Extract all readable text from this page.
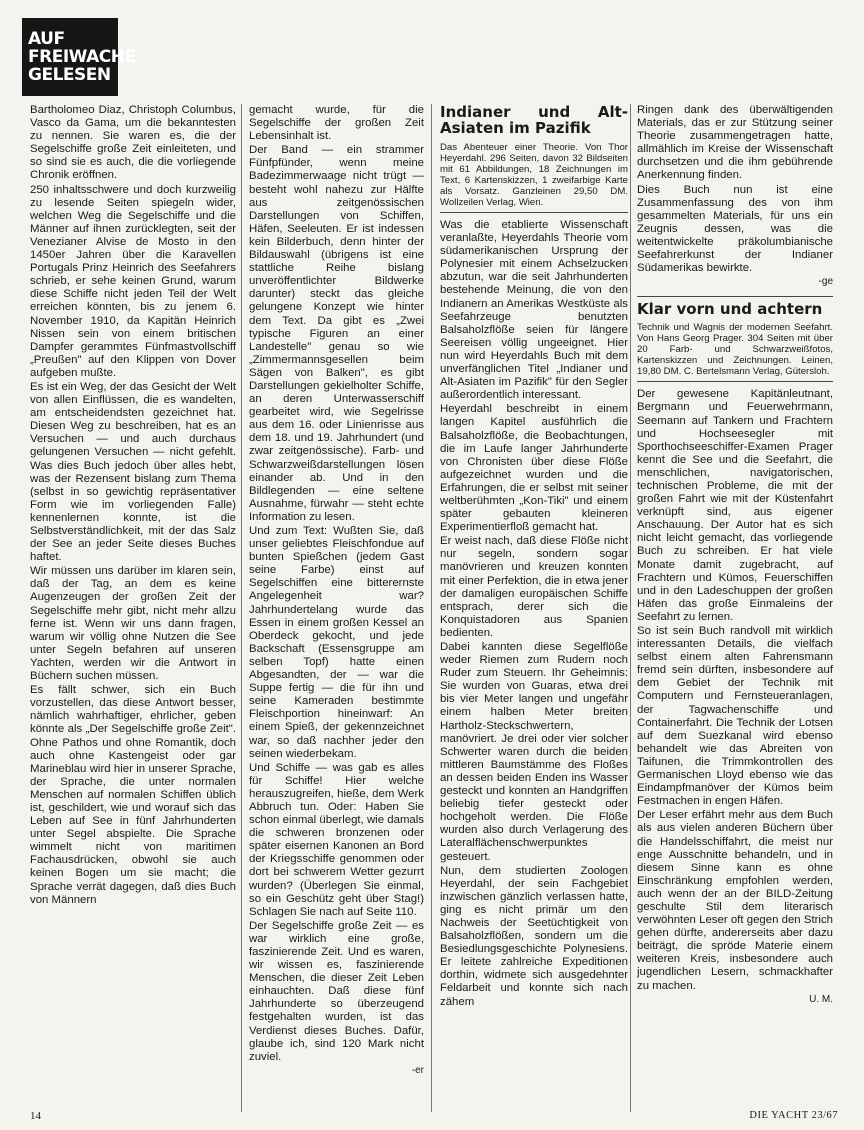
AUF
FREIWACHE
GELESEN

Bartholomeo Diaz, Christoph Columbus, Vasco da Gama, um die bekanntesten zu nennen. Sie waren es, die der Segelschiffe große Zeit einleiteten, und so sind sie es auch, die die vorliegende Chronik eröffnen.

250 inhaltsschwere und doch kurzweilig zu lesende Seiten spiegeln wider, welchen Weg die Segelschiffe und die Männer auf ihnen zurücklegten, seit der Venezianer Alvise de Mosto in den 1450er Jahren über die Karavellen Portugals Prinz Heinrich des Seefahrers schrieb, er sehe keinen Grund, warum diese Schiffe nicht jeden Teil der Welt erreichen könnten, bis zu jenem 6. November 1910, da Kapitän Heinrich Nissen sein von einem britischen Dampfer gerammtes Fünfmastvollschiff „Preußen" auf den Klippen von Dover aufgeben mußte.

Es ist ein Weg, der das Gesicht der Welt von allen Einflüssen, die es wandelten, am entscheidendsten gezeichnet hat. Diesen Weg zu beschreiben, hat es an Versuchen — und auch durchaus gelungenen Versuchen — nicht gefehlt. Was dies Buch jedoch über alles hebt, was der Rezensent bislang zum Thema (selbst in so gewichtig repräsentativer Form wie im vorliegenden Falle) kennenlernen konnte, ist die Selbstverständlichkeit, mit der das Salz der See an jeder Seite dieses Buches haftet.

Wir müssen uns darüber im klaren sein, daß der Tag, an dem es keine Augenzeugen der großen Zeit der Segelschiffe mehr gibt, nicht mehr allzu ferne ist. Wenn wir uns dann fragen, warum wir völlig ohne Nutzen die See unter Segeln befahren auf unseren Yachten, werden wir die Antwort in Büchern suchen müssen.

Es fällt schwer, sich ein Buch vorzustellen, das diese Antwort besser, nämlich wahrhaftiger, ehrlicher, geben könnte als „Der Segelschiffe große Zeit". Ohne Pathos und ohne Romantik, doch auch ohne Kastengeist oder gar Marineblau wird hier in unserer Sprache, der Sprache, die unter normalen Menschen auf normalen Schiffen üblich ist, geschildert, wie und worauf sich das Leben auf See in fünf Jahrhunderten unter Segel abspielte. Die Sprache wimmelt nicht von maritimen Fachausdrücken, obwohl sie auch keinen Bogen um sie macht; die Sprache verrät dagegen, daß dies Buch von Männern

gemacht wurde, für die Segelschiffe der großen Zeit Lebensinhalt ist.

Der Band — ein strammer Fünfpfünder, wenn meine Badezimmerwaage nicht trügt — besteht wohl nahezu zur Hälfte aus zeitgenössischen Darstellungen von Schiffen, Häfen, Seeleuten. Er ist indessen kein Bilderbuch, denn hinter der Bildauswahl (übrigens ist eine stattliche Reihe bislang unveröffentlichter Bildwerke darunter) steckt das gleiche gelungene Konzept wie hinter dem Text. Da gibt es „Zwei typische Figuren an einer Landestelle" genau so wie „Zimmermannsgesellen beim Sägen von Balken", es gibt Darstellungen gekielholter Schiffe, an deren Unterwasserschiff gearbeitet wird, wie Segelrisse aus dem 16. oder Linienrisse aus dem 18. und 19. Jahrhundert (und zwar zeitgenössische). Farb- und Schwarzweißdarstellungen lösen einander ab. Und in den Bildlegenden — eine seltene Ausnahme, fürwahr — steht echte Information zu lesen.

Und zum Text: Wußten Sie, daß unser geliebtes Fleischfondue auf bunten Spießchen (jedem Gast seine Farbe) einst auf Segelschiffen eine bitterernste Angelegenheit war? Jahrhundertelang wurde das Essen in einem großen Kessel an Oberdeck gekocht, und jede Backschaft (Essensgruppe am selben Topf) hatte einen Abgesandten, der — war die Suppe fertig — die für ihn und seine Kameraden bestimmte Fleischportion hineinwarf: An einem Spieß, der gekennzeichnet war, so daß nachher jeder den seinen wiederbekam.

Und Schiffe — was gab es alles für Schiffe! Hier welche herauszugreifen, hieße, dem Werk Abbruch tun. Oder: Haben Sie schon einmal überlegt, wie damals die schweren bronzenen oder später eisernen Kanonen an Bord der Kriegsschiffe genommen oder dort bei schwerem Wetter gezurrt wurden? (Überlegen Sie einmal, so ein Geschütz geht über Stag!) Schlagen Sie nach auf Seite 110.

Der Segelschiffe große Zeit — es war wirklich eine große, faszinierende Zeit. Und es waren, wir wissen es, faszinierende Menschen, die dieser Zeit Leben einhauchten. Daß diese fünf Jahrhunderte so überzeugend festgehalten wurden, ist das Verdienst dieses Buches. Dafür, glaube ich, sind 120 Mark nicht zuviel.

-er
Indianer und Alt-Asiaten im Pazifik
Das Abenteuer einer Theorie. Von Thor Heyerdahl. 296 Seiten, davon 32 Bildseiten mit 61 Abbildungen, 18 Zeichnungen im Text, 6 Kartenskizzen, 1 zweifarbige Karte als Vorsatz. Ganzleinen 29,50 DM. Wollzeilen Verlag, Wien.

Was die etablierte Wissenschaft veranlaßte, Heyerdahls Theorie vom südamerikanischen Ursprung der Polynesier mit einem Achselzucken abzutun, war die seit Jahrhunderten bestehende Meinung, die von den Indianern an Amerikas Westküste als Seefahrzeuge benutzten Balsaholzflöße seien für längere Seereisen völlig ungeeignet. Hier nun wird Heyerdahls Buch mit dem unverfänglichen Titel „Indianer und Alt-Asiaten im Pazifik" für den Segler außerordentlich interessant.

Heyerdahl beschreibt in einem langen Kapitel ausführlich die Balsaholzflöße, die Beobachtungen, die im Laufe langer Jahrhunderte von Chronisten über diese Flöße aufgezeichnet wurden und die Erfahrungen, die er selbst mit seiner weltberühmten „Kon-Tiki" und einem später gebauten kleineren Experimentierfloß gemacht hat.

Er weist nach, daß diese Flöße nicht nur segeln, sondern sogar manövrieren und kreuzen konnten mit einer Perfektion, die in etwa jener der damaligen europäischen Schiffe entsprach, derer sich die Konquistadoren aus Spanien bedienten.

Dabei kannten diese Segelflöße weder Riemen zum Rudern noch Ruder zum Steuern. Ihr Geheimnis: Sie wurden von Guaras, etwa drei bis vier Meter langen und ungefähr einem halben Meter breiten Hartholz-Steckschwertern, manövriert. Je drei oder vier solcher Schwerter waren durch die beiden mittleren Baumstämme des Floßes an dessen beiden Enden ins Wasser gesteckt und konnten an Handgriffen beliebig tiefer gesteckt oder hochgeholt werden. Die Flöße wurden also durch Verlagerung des Lateralflächenschwerpunktes gesteuert.

Nun, dem studierten Zoologen Heyerdahl, der sein Fachgebiet inzwischen gänzlich verlassen hatte, ging es nicht primär um den Nachweis der Seetüchtigkeit von Balsaholzflößen, sondern um die Besiedlungsgeschichte Polynesiens. Er leitete zahlreiche Expeditionen dorthin, widmete sich ausgedehnter Feldarbeit und konnte sich nach zähem

Ringen dank des überwältigenden Materials, das er zur Stützung seiner Theorie zusammengetragen hatte, allmählich im Kreise der Wissenschaft durchsetzen und die ihm gebührende Anerkennung finden.

Dies Buch nun ist eine Zusammenfassung des von ihm gesammelten Materials, für uns ein Zeugnis dessen, was die weitentwickelte präkolumbianische Seefahrerkunst der Indianer Südamerikas bewirkte.

-ge
Klar vorn und achtern
Technik und Wagnis der modernen Seefahrt. Von Hans Georg Prager. 304 Seiten mit über 20 Farb- und Schwarzweißfotos, Kartenskizzen und Zeichnungen. Leinen, 19,80 DM. C. Bertelsmann Verlag, Gütersloh.

Der gewesene Kapitänleutnant, Bergmann und Feuerwehrmann, Seemann auf Tankern und Frachtern und Hochseesegler mit Sporthochseeschiffer-Examen Prager kennt die See und die Seefahrt, die menschlichen, navigatorischen, technischen Probleme, die mit der großen Fahrt wie mit der Küstenfahrt verknüpft sind, aus eigener Anschauung. Der Autor hat es sich nicht leicht gemacht, das vorliegende Buch zu schreiben. Er hat viele Monate damit zugebracht, auf Frachtern und Kümos, Feuerschiffen und in den Ladeschuppen der großen Häfen das große Einmaleins der Seefahrt zu lernen.

So ist sein Buch randvoll mit wirklich interessanten Details, die vielfach selbst einem alten Fahrensmann fremd sein dürften, insbesondere auf dem Gebiet der Technik mit Computern und Fernsteueranlagen, der Tagwachenschiffe und Containerfahrt. Die Technik der Lotsen auf dem Suezkanal wird ebenso behandelt wie das Abreiten von Taifunen, die Trimmkontrollen des Germanischen Lloyd ebenso wie das Eindampfmanöver der Kümos beim Festmachen in engen Häfen.

Der Leser erfährt mehr aus dem Buch als aus vielen anderen Büchern über die Handelsschiffahrt, die meist nur enge Ausschnitte behandeln, und in diesem Sinne kann es ohne Einschränkung empfohlen werden, auch wenn der an der BILD-Zeitung geschulte Stil dem literarisch verwöhnten Leser oft gegen den Strich gehen dürfte, andererseits aber dazu beiträgt, die spröde Materie einem weiteren Kreis, insbesondere auch jugendlichen Lesern, schmackhafter zu machen.

U. M.
14	DIE YACHT 23/67
